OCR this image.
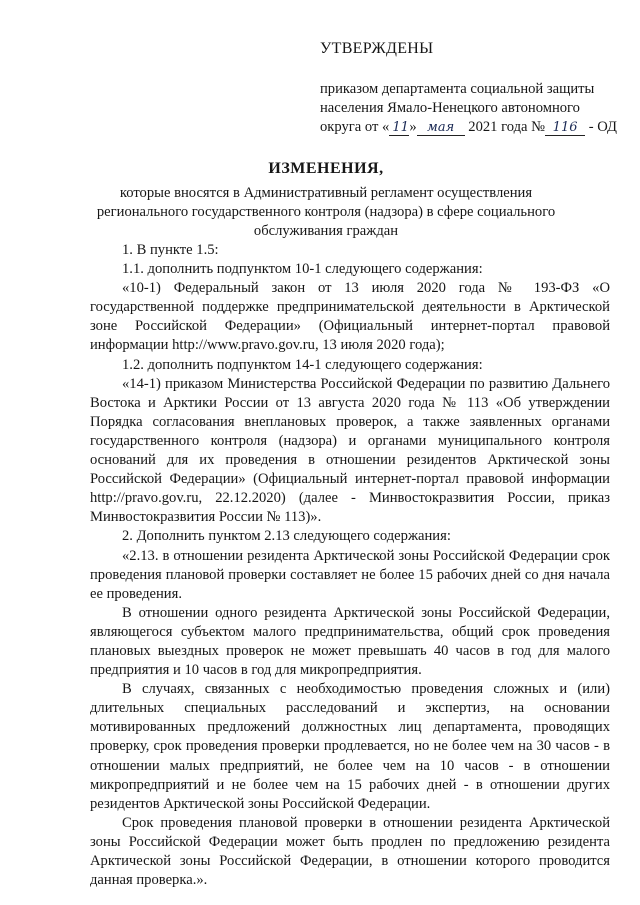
УТВЕРЖДЕНЫ
приказом департамента социальной защиты
населения Ямало-Ненецкого автономного
округа от « 11» мая 2021 года № 116 - ОД
ИЗМЕНЕНИЯ,
которые вносятся в Административный регламент осуществления регионального государственного контроля (надзора) в сфере социального обслуживания граждан

1. В пункте 1.5:

1.1. дополнить подпунктом 10-1 следующего содержания:

«10-1) Федеральный закон от 13 июля 2020 года № 193-ФЗ «О государственной поддержке предпринимательской деятельности в Арктической зоне Российской Федерации» (Официальный интернет-портал правовой информации http://www.pravo.gov.ru, 13 июля 2020 года);

1.2. дополнить подпунктом 14-1 следующего содержания:

«14-1) приказом Министерства Российской Федерации по развитию Дальнего Востока и Арктики России от 13 августа 2020 года № 113 «Об утверждении Порядка согласования внеплановых проверок, а также заявленных органами государственного контроля (надзора) и органами муниципального контроля оснований для их проведения в отношении резидентов Арктической зоны Российской Федерации» (Официальный интернет-портал правовой информации http://pravo.gov.ru, 22.12.2020) (далее - Минвостокразвития России, приказ Минвостокразвития России № 113)».

2. Дополнить пунктом 2.13 следующего содержания:

«2.13. в отношении резидента Арктической зоны Российской Федерации срок проведения плановой проверки составляет не более 15 рабочих дней со дня начала ее проведения.

В отношении одного резидента Арктической зоны Российской Федерации, являющегося субъектом малого предпринимательства, общий срок проведения плановых выездных проверок не может превышать 40 часов в год для малого предприятия и 10 часов в год для микропредприятия.

В случаях, связанных с необходимостью проведения сложных и (или) длительных специальных расследований и экспертиз, на основании мотивированных предложений должностных лиц департамента, проводящих проверку, срок проведения проверки продлевается, но не более чем на 30 часов - в отношении малых предприятий, не более чем на 10 часов - в отношении микропредприятий и не более чем на 15 рабочих дней - в отношении других резидентов Арктической зоны Российской Федерации.

Срок проведения плановой проверки в отношении резидента Арктической зоны Российской Федерации может быть продлен по предложению резидента Арктической зоны Российской Федерации, в отношении которого проводится данная проверка.».
